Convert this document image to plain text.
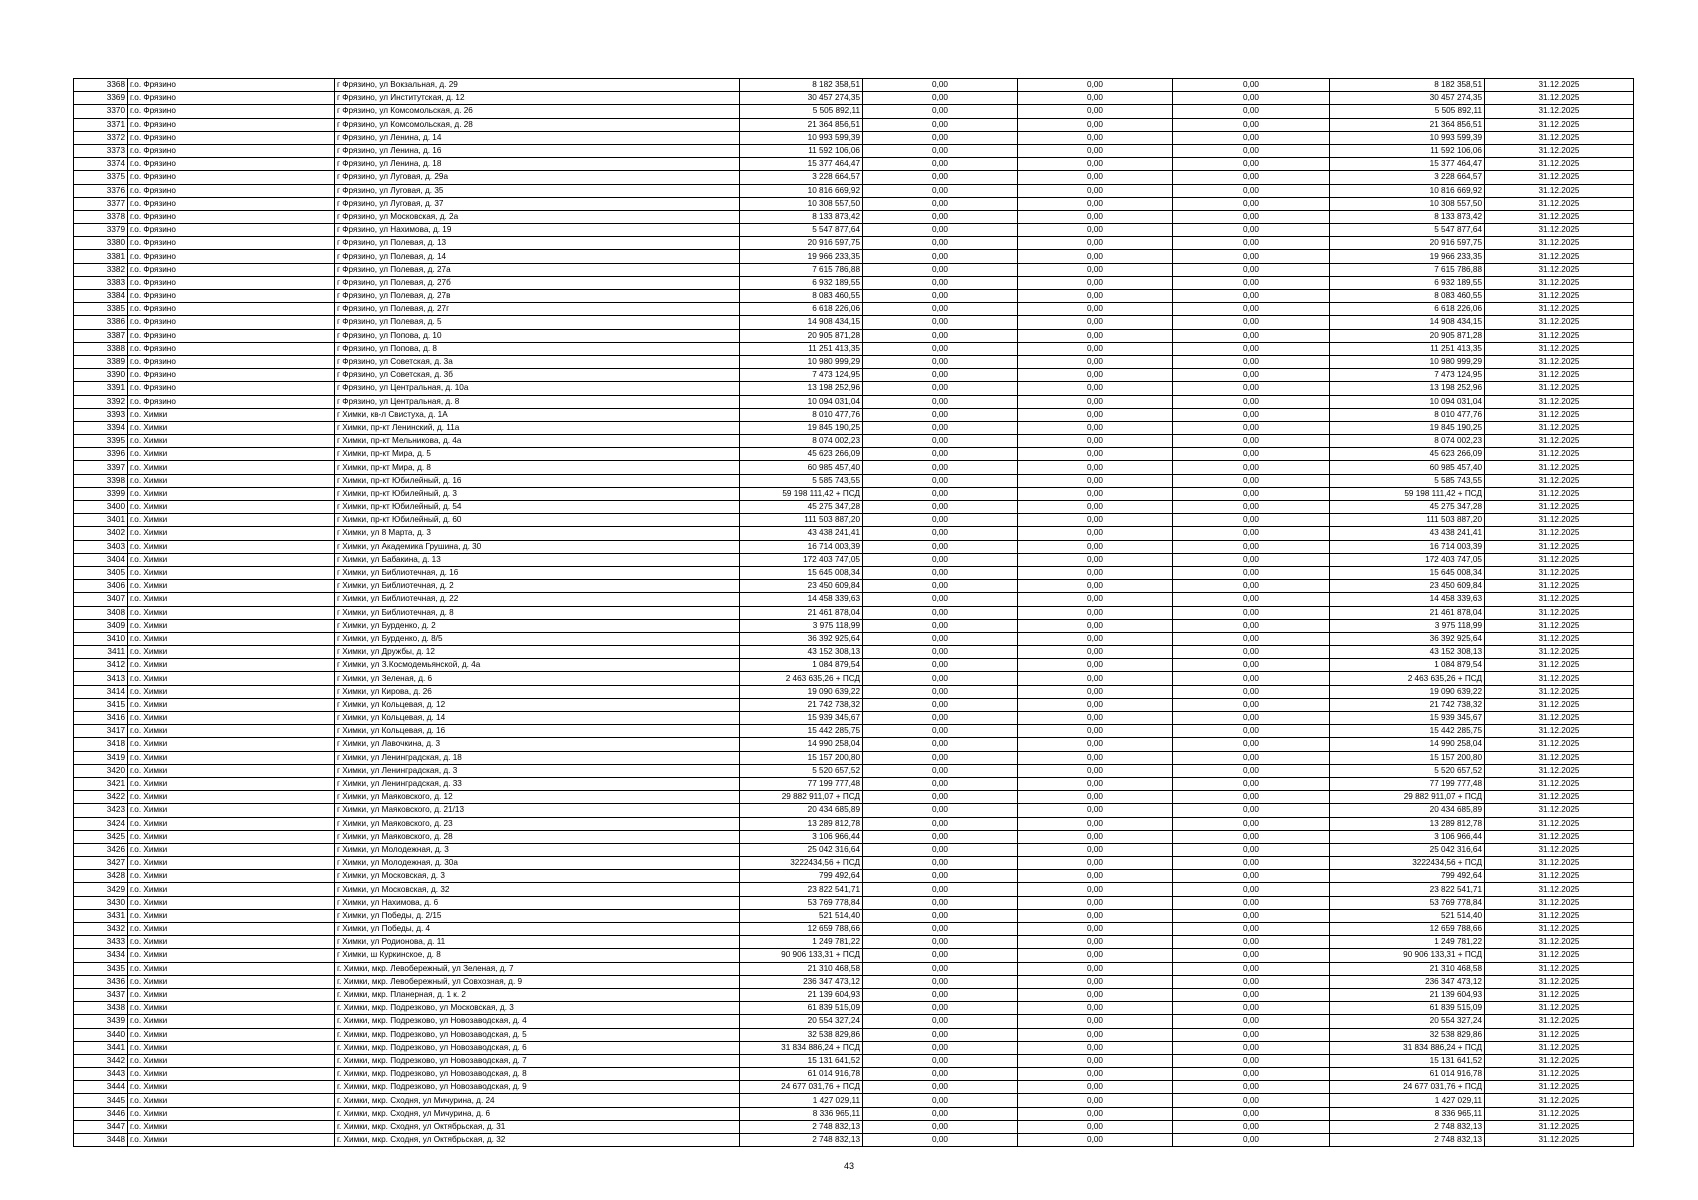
3368	г.о. Фрязино	г Фрязино, ул Вокзальная, д. 29	8 182 358,51	0,00	0,00	0,00	8 182 358,51	31.12.2025
3369	г.о. Фрязино	г Фрязино, ул Институтская, д. 12	30 457 274,35	0,00	0,00	0,00	30 457 274,35	31.12.2025
3370	г.о. Фрязино	г Фрязино, ул Комсомольская, д. 26	5 505 892,11	0,00	0,00	0,00	5 505 892,11	31.12.2025
3371	г.о. Фрязино	г Фрязино, ул Комсомольская, д. 28	21 364 856,51	0,00	0,00	0,00	21 364 856,51	31.12.2025
3372	г.о. Фрязино	г Фрязино, ул Ленина, д. 14	10 993 599,39	0,00	0,00	0,00	10 993 599,39	31.12.2025
3373	г.о. Фрязино	г Фрязино, ул Ленина, д. 16	11 592 106,06	0,00	0,00	0,00	11 592 106,06	31.12.2025
3374	г.о. Фрязино	г Фрязино, ул Ленина, д. 18	15 377 464,47	0,00	0,00	0,00	15 377 464,47	31.12.2025
3375	г.о. Фрязино	г Фрязино, ул Луговая, д. 29а	3 228 664,57	0,00	0,00	0,00	3 228 664,57	31.12.2025
3376	г.о. Фрязино	г Фрязино, ул Луговая, д. 35	10 816 669,92	0,00	0,00	0,00	10 816 669,92	31.12.2025
3377	г.о. Фрязино	г Фрязино, ул Луговая, д. 37	10 308 557,50	0,00	0,00	0,00	10 308 557,50	31.12.2025
3378	г.о. Фрязино	г Фрязино, ул Московская, д. 2а	8 133 873,42	0,00	0,00	0,00	8 133 873,42	31.12.2025
3379	г.о. Фрязино	г Фрязино, ул Нахимова, д. 19	5 547 877,64	0,00	0,00	0,00	5 547 877,64	31.12.2025
3380	г.о. Фрязино	г Фрязино, ул Полевая, д. 13	20 916 597,75	0,00	0,00	0,00	20 916 597,75	31.12.2025
3381	г.о. Фрязино	г Фрязино, ул Полевая, д. 14	19 966 233,35	0,00	0,00	0,00	19 966 233,35	31.12.2025
3382	г.о. Фрязино	г Фрязино, ул Полевая, д. 27а	7 615 786,88	0,00	0,00	0,00	7 615 786,88	31.12.2025
3383	г.о. Фрязино	г Фрязино, ул Полевая, д. 27б	6 932 189,55	0,00	0,00	0,00	6 932 189,55	31.12.2025
3384	г.о. Фрязино	г Фрязино, ул Полевая, д. 27в	8 083 460,55	0,00	0,00	0,00	8 083 460,55	31.12.2025
3385	г.о. Фрязино	г Фрязино, ул Полевая, д. 27г	6 618 226,06	0,00	0,00	0,00	6 618 226,06	31.12.2025
3386	г.о. Фрязино	г Фрязино, ул Полевая, д. 5	14 908 434,15	0,00	0,00	0,00	14 908 434,15	31.12.2025
3387	г.о. Фрязино	г Фрязино, ул Попова, д. 10	20 905 871,28	0,00	0,00	0,00	20 905 871,28	31.12.2025
3388	г.о. Фрязино	г Фрязино, ул Попова, д. 8	11 251 413,35	0,00	0,00	0,00	11 251 413,35	31.12.2025
3389	г.о. Фрязино	г Фрязино, ул Советская, д. 3а	10 980 999,29	0,00	0,00	0,00	10 980 999,29	31.12.2025
3390	г.о. Фрязино	г Фрязино, ул Советская, д. 3б	7 473 124,95	0,00	0,00	0,00	7 473 124,95	31.12.2025
3391	г.о. Фрязино	г Фрязино, ул Центральная, д. 10а	13 198 252,96	0,00	0,00	0,00	13 198 252,96	31.12.2025
3392	г.о. Фрязино	г Фрязино, ул Центральная, д. 8	10 094 031,04	0,00	0,00	0,00	10 094 031,04	31.12.2025
3393	г.о. Химки	г Химки, кв-л Свистуха, д. 1А	8 010 477,76	0,00	0,00	0,00	8 010 477,76	31.12.2025
3394	г.о. Химки	г Химки, пр-кт Ленинский, д. 11а	19 845 190,25	0,00	0,00	0,00	19 845 190,25	31.12.2025
3395	г.о. Химки	г Химки, пр-кт Мельникова, д. 4а	8 074 002,23	0,00	0,00	0,00	8 074 002,23	31.12.2025
3396	г.о. Химки	г Химки, пр-кт Мира, д. 5	45 623 266,09	0,00	0,00	0,00	45 623 266,09	31.12.2025
3397	г.о. Химки	г Химки, пр-кт Мира, д. 8	60 985 457,40	0,00	0,00	0,00	60 985 457,40	31.12.2025
3398	г.о. Химки	г Химки, пр-кт Юбилейный, д. 16	5 585 743,55	0,00	0,00	0,00	5 585 743,55	31.12.2025
3399	г.о. Химки	г Химки, пр-кт Юбилейный, д. 3	59 198 111,42 + ПСД	0,00	0,00	0,00	59 198 111,42 + ПСД	31.12.2025
3400	г.о. Химки	г Химки, пр-кт Юбилейный, д. 54	45 275 347,28	0,00	0,00	0,00	45 275 347,28	31.12.2025
3401	г.о. Химки	г Химки, пр-кт Юбилейный, д. 60	111 503 887,20	0,00	0,00	0,00	111 503 887,20	31.12.2025
3402	г.о. Химки	г Химки, ул 8 Марта, д. 3	43 438 241,41	0,00	0,00	0,00	43 438 241,41	31.12.2025
3403	г.о. Химки	г Химки, ул Академика Грушина, д. 30	16 714 003,39	0,00	0,00	0,00	16 714 003,39	31.12.2025
3404	г.о. Химки	г Химки, ул Бабакина, д. 13	172 403 747,05	0,00	0,00	0,00	172 403 747,05	31.12.2025
3405	г.о. Химки	г Химки, ул Библиотечная, д. 16	15 645 008,34	0,00	0,00	0,00	15 645 008,34	31.12.2025
3406	г.о. Химки	г Химки, ул Библиотечная, д. 2	23 450 609,84	0,00	0,00	0,00	23 450 609,84	31.12.2025
3407	г.о. Химки	г Химки, ул Библиотечная, д. 22	14 458 339,63	0,00	0,00	0,00	14 458 339,63	31.12.2025
3408	г.о. Химки	г Химки, ул Библиотечная, д. 8	21 461 878,04	0,00	0,00	0,00	21 461 878,04	31.12.2025
3409	г.о. Химки	г Химки, ул Бурденко, д. 2	3 975 118,99	0,00	0,00	0,00	3 975 118,99	31.12.2025
3410	г.о. Химки	г Химки, ул Бурденко, д. 8/5	36 392 925,64	0,00	0,00	0,00	36 392 925,64	31.12.2025
3411	г.о. Химки	г Химки, ул Дружбы, д. 12	43 152 308,13	0,00	0,00	0,00	43 152 308,13	31.12.2025
3412	г.о. Химки	г Химки, ул З.Космодемьянской, д. 4а	1 084 879,54	0,00	0,00	0,00	1 084 879,54	31.12.2025
3413	г.о. Химки	г Химки, ул Зеленая, д. 6	2 463 635,26 + ПСД	0,00	0,00	0,00	2 463 635,26 + ПСД	31.12.2025
3414	г.о. Химки	г Химки, ул Кирова, д. 26	19 090 639,22	0,00	0,00	0,00	19 090 639,22	31.12.2025
3415	г.о. Химки	г Химки, ул Кольцевая, д. 12	21 742 738,32	0,00	0,00	0,00	21 742 738,32	31.12.2025
3416	г.о. Химки	г Химки, ул Кольцевая, д. 14	15 939 345,67	0,00	0,00	0,00	15 939 345,67	31.12.2025
3417	г.о. Химки	г Химки, ул Кольцевая, д. 16	15 442 285,75	0,00	0,00	0,00	15 442 285,75	31.12.2025
3418	г.о. Химки	г Химки, ул Лавочкина, д. 3	14 990 258,04	0,00	0,00	0,00	14 990 258,04	31.12.2025
3419	г.о. Химки	г Химки, ул Ленинградская, д. 18	15 157 200,80	0,00	0,00	0,00	15 157 200,80	31.12.2025
3420	г.о. Химки	г Химки, ул Ленинградская, д. 3	5 520 657,52	0,00	0,00	0,00	5 520 657,52	31.12.2025
3421	г.о. Химки	г Химки, ул Ленинградская, д. 33	77 199 777,48	0,00	0,00	0,00	77 199 777,48	31.12.2025
3422	г.о. Химки	г Химки, ул Маяковского, д. 12	29 882 911,07 + ПСД	0,00	0,00	0,00	29 882 911,07 + ПСД	31.12.2025
3423	г.о. Химки	г Химки, ул Маяковского, д. 21/13	20 434 685,89	0,00	0,00	0,00	20 434 685,89	31.12.2025
3424	г.о. Химки	г Химки, ул Маяковского, д. 23	13 289 812,78	0,00	0,00	0,00	13 289 812,78	31.12.2025
3425	г.о. Химки	г Химки, ул Маяковского, д. 28	3 106 966,44	0,00	0,00	0,00	3 106 966,44	31.12.2025
3426	г.о. Химки	г Химки, ул Молодежная, д. 3	25 042 316,64	0,00	0,00	0,00	25 042 316,64	31.12.2025
3427	г.о. Химки	г Химки, ул Молодежная, д. 30а	3222434,56 + ПСД	0,00	0,00	0,00	3222434,56 + ПСД	31.12.2025
3428	г.о. Химки	г Химки, ул Московская, д. 3	799 492,64	0,00	0,00	0,00	799 492,64	31.12.2025
3429	г.о. Химки	г Химки, ул Московская, д. 32	23 822 541,71	0,00	0,00	0,00	23 822 541,71	31.12.2025
3430	г.о. Химки	г Химки, ул Нахимова, д. 6	53 769 778,84	0,00	0,00	0,00	53 769 778,84	31.12.2025
3431	г.о. Химки	г Химки, ул Победы, д. 2/15	521 514,40	0,00	0,00	0,00	521 514,40	31.12.2025
3432	г.о. Химки	г Химки, ул Победы, д. 4	12 659 788,66	0,00	0,00	0,00	12 659 788,66	31.12.2025
3433	г.о. Химки	г Химки, ул Родионова, д. 11	1 249 781,22	0,00	0,00	0,00	1 249 781,22	31.12.2025
3434	г.о. Химки	г Химки, ш Куркинское, д. 8	90 906 133,31 + ПСД	0,00	0,00	0,00	90 906 133,31 + ПСД	31.12.2025
3435	г.о. Химки	г. Химки, мкр. Левобережный, ул Зеленая, д. 7	21 310 468,58	0,00	0,00	0,00	21 310 468,58	31.12.2025
3436	г.о. Химки	г. Химки, мкр. Левобережный, ул Совхозная, д. 9	236 347 473,12	0,00	0,00	0,00	236 347 473,12	31.12.2025
3437	г.о. Химки	г. Химки, мкр. Планерная, д. 1 к. 2	21 139 604,93	0,00	0,00	0,00	21 139 604,93	31.12.2025
3438	г.о. Химки	г. Химки, мкр. Подрезково, ул Московская, д. 3	61 839 515,09	0,00	0,00	0,00	61 839 515,09	31.12.2025
3439	г.о. Химки	г. Химки, мкр. Подрезково, ул Новозаводская, д. 4	20 554 327,24	0,00	0,00	0,00	20 554 327,24	31.12.2025
3440	г.о. Химки	г. Химки, мкр. Подрезково, ул Новозаводская, д. 5	32 538 829,86	0,00	0,00	0,00	32 538 829,86	31.12.2025
3441	г.о. Химки	г. Химки, мкр. Подрезково, ул Новозаводская, д. 6	31 834 886,24 + ПСД	0,00	0,00	0,00	31 834 886,24 + ПСД	31.12.2025
3442	г.о. Химки	г. Химки, мкр. Подрезково, ул Новозаводская, д. 7	15 131 641,52	0,00	0,00	0,00	15 131 641,52	31.12.2025
3443	г.о. Химки	г. Химки, мкр. Подрезково, ул Новозаводская, д. 8	61 014 916,78	0,00	0,00	0,00	61 014 916,78	31.12.2025
3444	г.о. Химки	г. Химки, мкр. Подрезково, ул Новозаводская, д. 9	24 677 031,76 + ПСД	0,00	0,00	0,00	24 677 031,76 + ПСД	31.12.2025
3445	г.о. Химки	г. Химки, мкр. Сходня, ул Мичурина, д. 24	1 427 029,11	0,00	0,00	0,00	1 427 029,11	31.12.2025
3446	г.о. Химки	г. Химки, мкр. Сходня, ул Мичурина, д. 6	8 336 965,11	0,00	0,00	0,00	8 336 965,11	31.12.2025
3447	г.о. Химки	г. Химки, мкр. Сходня, ул Октябрьская, д. 31	2 748 832,13	0,00	0,00	0,00	2 748 832,13	31.12.2025
3448	г.о. Химки	г. Химки, мкр. Сходня, ул Октябрьская, д. 32	2 748 832,13	0,00	0,00	0,00	2 748 832,13	31.12.2025
43
